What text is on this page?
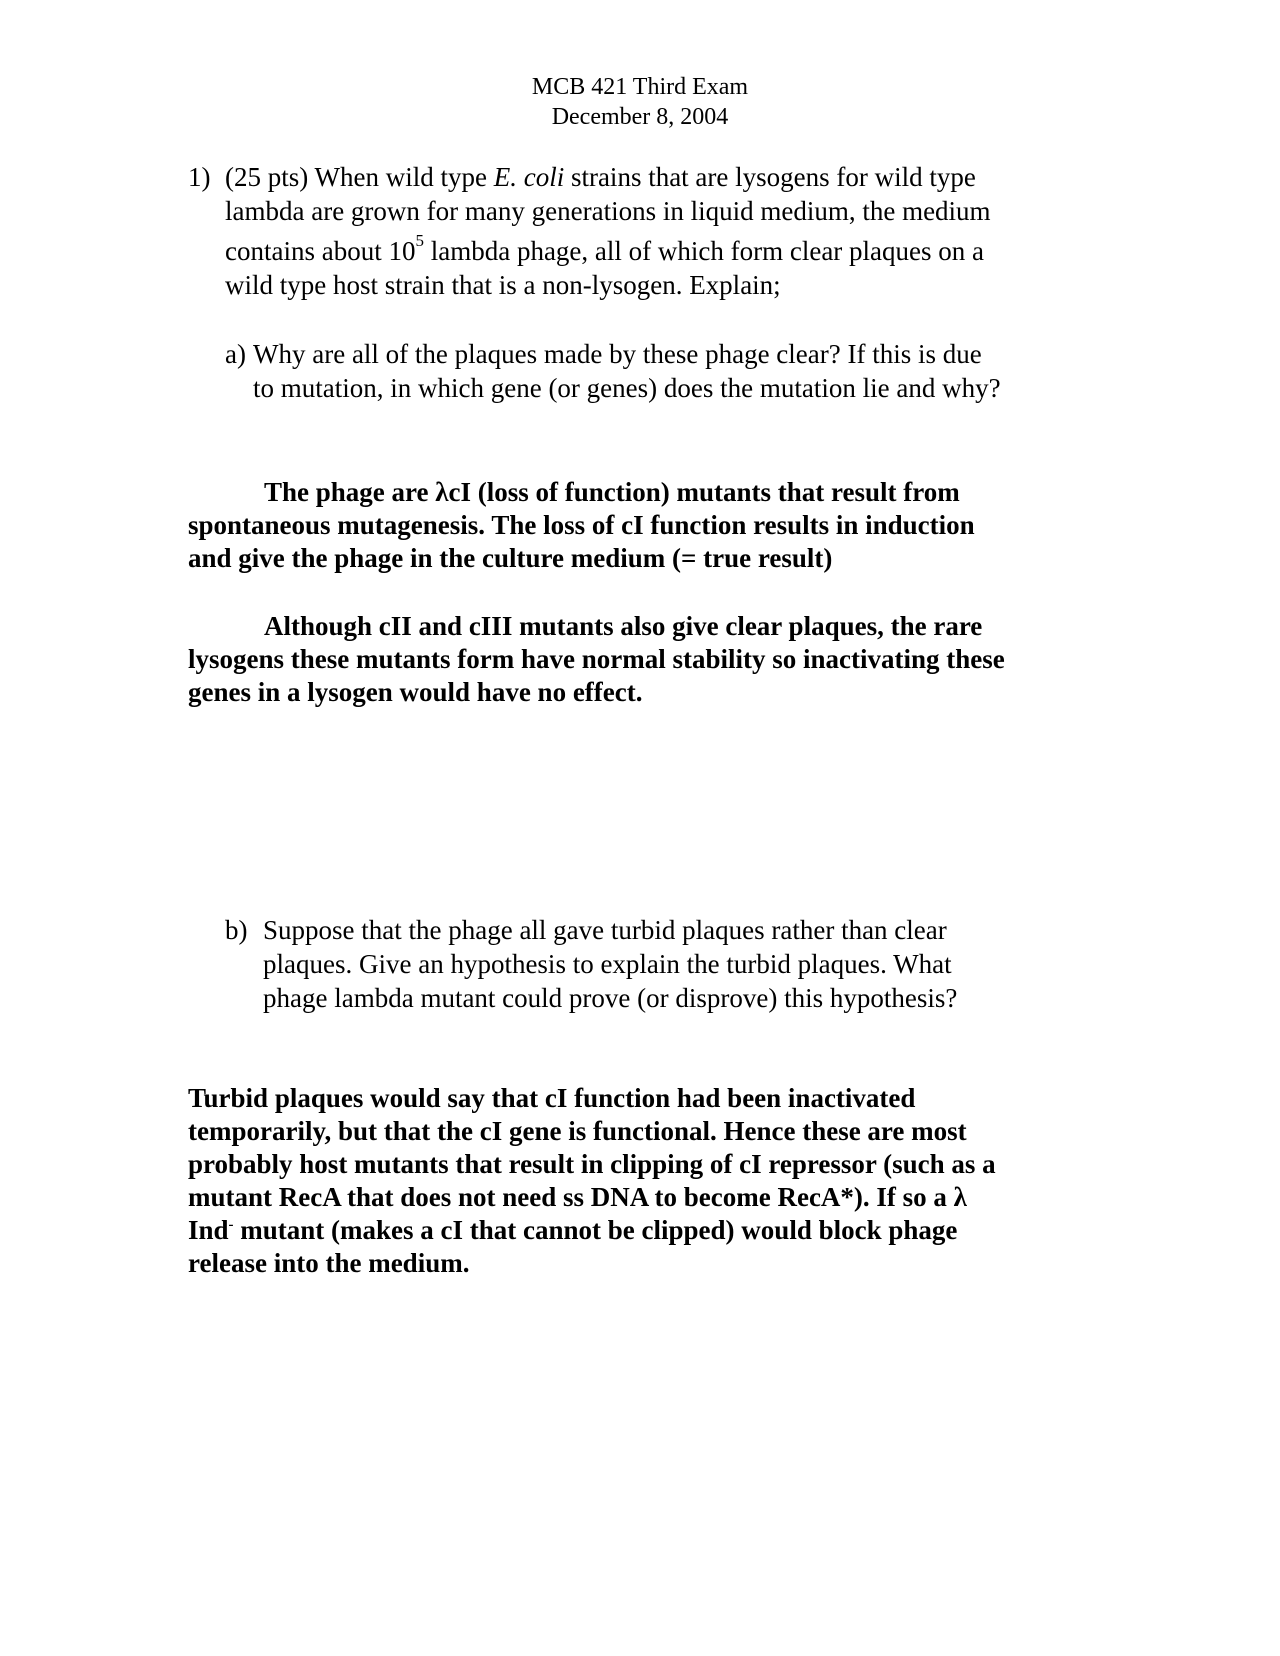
MCB 421 Third Exam
December 8, 2004
1) (25 pts) When wild type E. coli strains that are lysogens for wild type
lambda are grown for many generations in liquid medium, the medium
contains about $10^5$ lambda phage, all of which form clear plaques on a
wild type host strain that is a non-lysogen. Explain;
a) Why are all of the plaques made by these phage clear? If this is due
to mutation, in which gene (or genes) does the mutation lie and why?
The phage are λcI (loss of function) mutants that result from
spontaneous mutagenesis. The loss of cI function results in induction
and give the phage in the culture medium (= true result)
Although cII and cIII mutants also give clear plaques, the rare
lysogens these mutants form have normal stability so inactivating these
genes in a lysogen would have no effect.
b) Suppose that the phage all gave turbid plaques rather than clear
plaques. Give an hypothesis to explain the turbid plaques. What
phage lambda mutant could prove (or disprove) this hypothesis?
Turbid plaques would say that cI function had been inactivated
temporarily, but that the cI gene is functional. Hence these are most
probably host mutants that result in clipping of cI repressor (such as a
mutant RecA that does not need ss DNA to become RecA*). If so a λ
Ind- mutant (makes a cI that cannot be clipped) would block phage
release into the medium.
